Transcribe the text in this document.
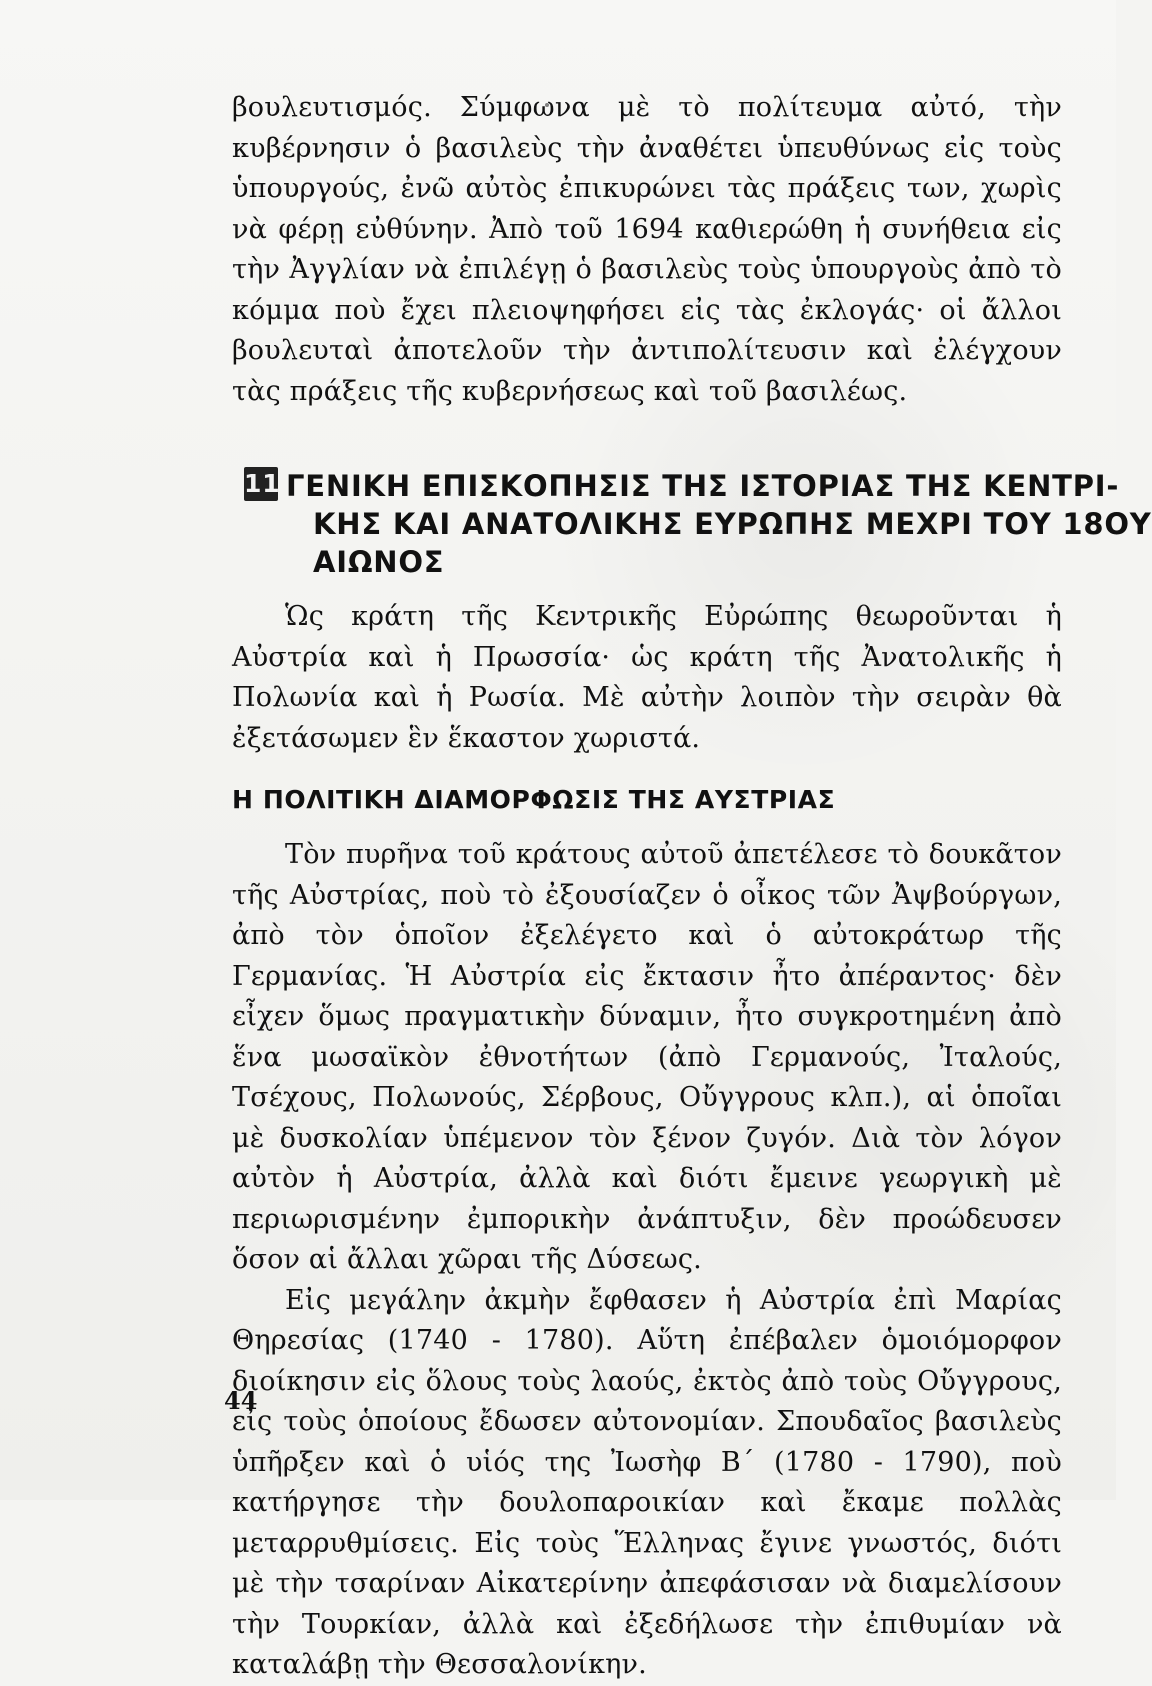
βουλευτισμός. Σύμφωνα μὲ τὸ πολίτευμα αὐτό, τὴν κυβέρνησιν ὁ βασιλεὺς τὴν ἀναθέτει ὑπευθύνως εἰς τοὺς ὑπουργούς, ἐνῶ αὐτὸς ἐπικυρώνει τὰς πράξεις των, χωρὶς νὰ φέρῃ εὐθύνην. Ἀπὸ τοῦ 1694 καθιερώθη ἡ συνήθεια εἰς τὴν Ἀγγλίαν νὰ ἐπιλέγῃ ὁ βασιλεὺς τοὺς ὑπουργοὺς ἀπὸ τὸ κόμμα ποὺ ἔχει πλειοψηφήσει εἰς τὰς ἐκλογάς· οἱ ἄλλοι βουλευταὶ ἀποτελοῦν τὴν ἀντιπολίτευσιν καὶ ἐλέγχουν τὰς πράξεις τῆς κυβερνήσεως καὶ τοῦ βασιλέως.

11 ΓΕΝΙΚΗ ΕΠΙΣΚΟΠΗΣΙΣ ΤΗΣ ΙΣΤΟΡΙΑΣ ΤΗΣ ΚΕΝΤΡΙ-
ΚΗΣ ΚΑΙ ΑΝΑΤΟΛΙΚΗΣ ΕΥΡΩΠΗΣ ΜΕΧΡΙ ΤΟΥ 18ΟΥ
ΑΙΩΝΟΣ

Ὡς κράτη τῆς Κεντρικῆς Εὐρώπης θεωροῦνται ἡ Αὐστρία καὶ ἡ Πρωσσία· ὡς κράτη τῆς Ἀνατολικῆς ἡ Πολωνία καὶ ἡ Ρωσία. Μὲ αὐτὴν λοιπὸν τὴν σειρὰν θὰ ἐξετάσωμεν ἓν ἕκαστον χωριστά.

Η ΠΟΛΙΤΙΚΗ ΔΙΑΜΟΡΦΩΣΙΣ ΤΗΣ ΑΥΣΤΡΙΑΣ

Τὸν πυρῆνα τοῦ κράτους αὐτοῦ ἀπετέλεσε τὸ δουκᾶτον τῆς Αὐστρίας, ποὺ τὸ ἐξουσίαζεν ὁ οἶκος τῶν Ἀψβούργων, ἀπὸ τὸν ὁποῖον ἐξελέγετο καὶ ὁ αὐτοκράτωρ τῆς Γερμανίας. Ἡ Αὐστρία εἰς ἔκτασιν ἦτο ἀπέραντος· δὲν εἶχεν ὅμως πραγματικὴν δύναμιν, ἦτο συγκροτημένη ἀπὸ ἕνα μωσαϊκὸν ἐθνοτήτων (ἀπὸ Γερμανούς, Ἰταλούς, Τσέχους, Πολωνούς, Σέρβους, Οὔγγρους κλπ.), αἱ ὁποῖαι μὲ δυσκολίαν ὑπέμενον τὸν ξένον ζυγόν. Διὰ τὸν λόγον αὐτὸν ἡ Αὐστρία, ἀλλὰ καὶ διότι ἔμεινε γεωργικὴ μὲ περιωρισμένην ἐμπορικὴν ἀνάπτυξιν, δὲν προώδευσεν ὅσον αἱ ἄλλαι χῶραι τῆς Δύσεως.

Εἰς μεγάλην ἀκμὴν ἔφθασεν ἡ Αὐστρία ἐπὶ Μαρίας Θηρεσίας (1740 - 1780). Αὕτη ἐπέβαλεν ὁμοιόμορφον διοίκησιν εἰς ὅλους τοὺς λαούς, ἐκτὸς ἀπὸ τοὺς Οὔγγρους, εἰς τοὺς ὁποίους ἔδωσεν αὐτονομίαν. Σπουδαῖος βασιλεὺς ὑπῆρξεν καὶ ὁ υἱός της Ἰωσὴφ Β΄ (1780 - 1790), ποὺ κατήργησε τὴν δουλοπαροικίαν καὶ ἔκαμε πολλὰς μεταρρυθμίσεις. Εἰς τοὺς Ἕλληνας ἔγινε γνωστός, διότι μὲ τὴν τσαρίναν Αἰκατερίνην ἀπεφάσισαν νὰ διαμελίσουν τὴν Τουρκίαν, ἀλλὰ καὶ ἐξεδήλωσε τὴν ἐπιθυμίαν νὰ καταλάβῃ τὴν Θεσσαλονίκην.

44
